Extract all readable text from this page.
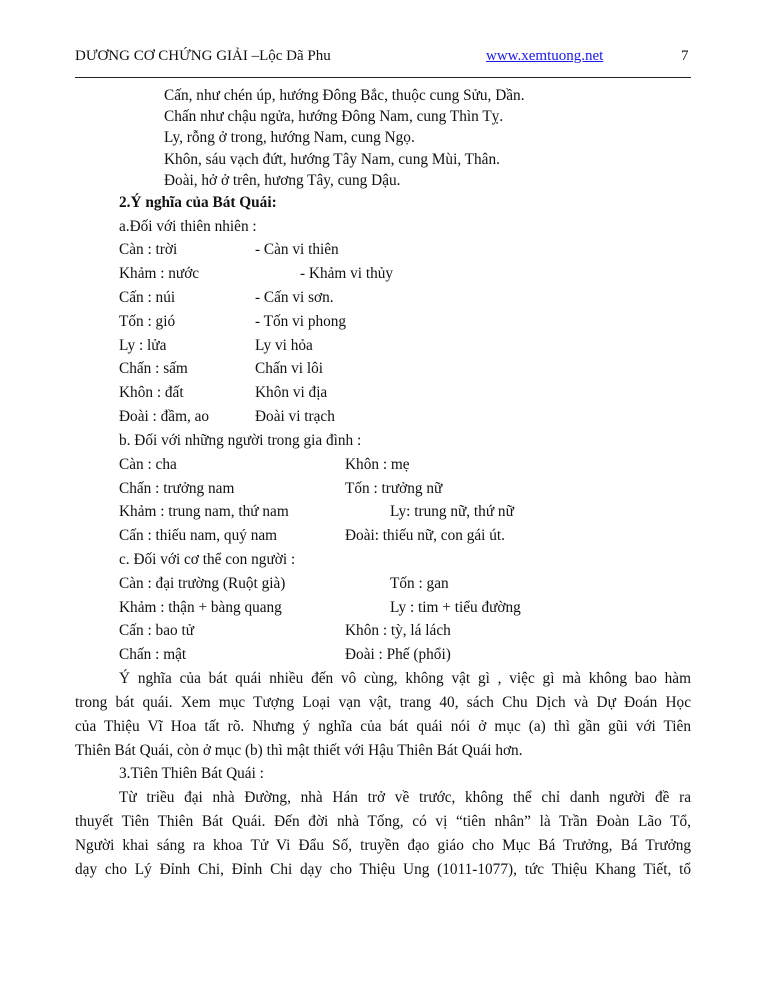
DƯƠNG CƠ CHỨNG GIẢI –Lộc Dã Phu	www.xemtuong.net	7
Cấn, như chén úp, hướng Đông Bắc, thuộc cung Sửu, Dần.
Chấn như chậu ngửa, hướng Đông Nam, cung Thìn Tỵ.
Ly, rỗng ở trong, hướng Nam, cung Ngọ.
Khôn, sáu vạch đứt, hướng Tây Nam, cung Mùi, Thân.
Đoài, hở ở trên, hương Tây, cung Dậu.
2.Ý nghĩa của Bát Quái:
a.Đối với thiên nhiên :
Càn : trời	- Càn vi thiên
Khảm : nước	- Khảm vi thủy
Cấn : núi	- Cấn vi sơn.
Tốn : gió	- Tốn vi phong
Ly : lửa	Ly vi hỏa
Chấn : sấm	Chấn vi lôi
Khôn : đất	Khôn vi địa
Đoài : đầm, ao	Đoài vi trạch
b. Đối với những người trong gia đình :
Càn : cha	Khôn : mẹ
Chấn : trưởng nam	Tốn : trưởng nữ
Khảm : trung nam, thứ nam	Ly: trung nữ, thứ nữ
Cấn : thiếu nam, quý nam	Đoài: thiếu nữ, con gái út.
c. Đối với cơ thể con người :
Càn : đại trường (Ruột già)	Tốn : gan
Khảm : thận + bàng quang	Ly : tim + tiểu đường
Cấn : bao tử	Khôn : tỳ, lá lách
Chấn : mật	Đoài : Phế (phổi)
Ý nghĩa của bát quái nhiều đến vô cùng, không vật gì , việc gì mà không bao hàm
trong bát quái. Xem mục Tượng Loại vạn vật, trang 40, sách Chu Dịch và Dự Đoán Học
của Thiệu Vĩ Hoa tất rõ. Nhưng ý nghĩa của bát quái nói ở mục (a) thì gần gũi với Tiên
Thiên Bát Quái, còn ở mục (b) thì mật thiết với Hậu Thiên Bát Quái hơn.
3.Tiên Thiên Bát Quái :
Từ triều đại nhà Đường, nhà Hán trở về trước, không thể chỉ danh người đề ra
thuyết Tiên Thiên Bát Quái. Đến đời nhà Tống, có vị “tiên nhân” là Trần Đoàn Lão Tổ,
Người khai sáng ra khoa Tử Vi Đẩu Số, truyền đạo giáo cho Mục Bá Trưởng, Bá Trưởng
dạy cho Lý Đỉnh Chi, Đỉnh Chi dạy cho Thiệu Ung (1011-1077), tức Thiệu Khang Tiết, tổ
